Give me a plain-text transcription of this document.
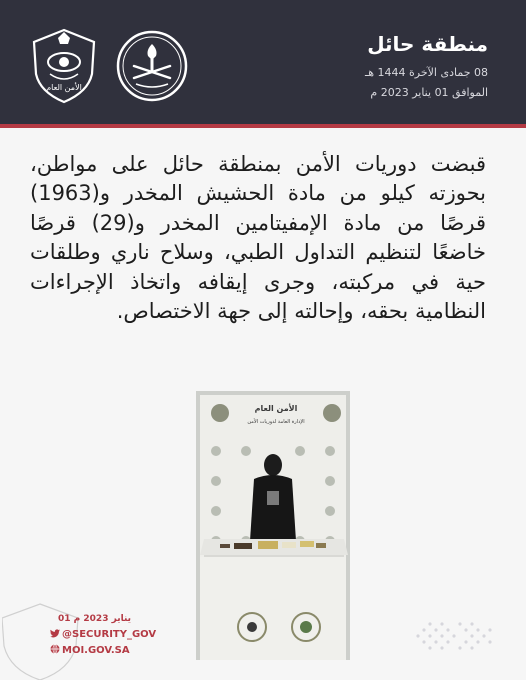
منطقة حائل
08 جمادى الآخرة 1444 هـ
الموافق 01 يناير 2023 م
الأمن العام
قبضت دوريات الأمن بمنطقة حائل على مواطن، بحوزته كيلو من مادة الحشيش المخدر و(1963) قرصًا من مادة الإمفيتامين المخدر و(29) قرصًا خاضعًا لتنظيم التداول الطبي، وسلاح ناري وطلقات حية في مركبته، وجرى إيقافه واتخاذ الإجراءات النظامية بحقه، وإحالته إلى جهة الاختصاص.
الأمن العام
الإدارة العامة لدوريات الأمن
01 يناير 2023 م
@SECURITY_GOV
MOI.GOV.SA
